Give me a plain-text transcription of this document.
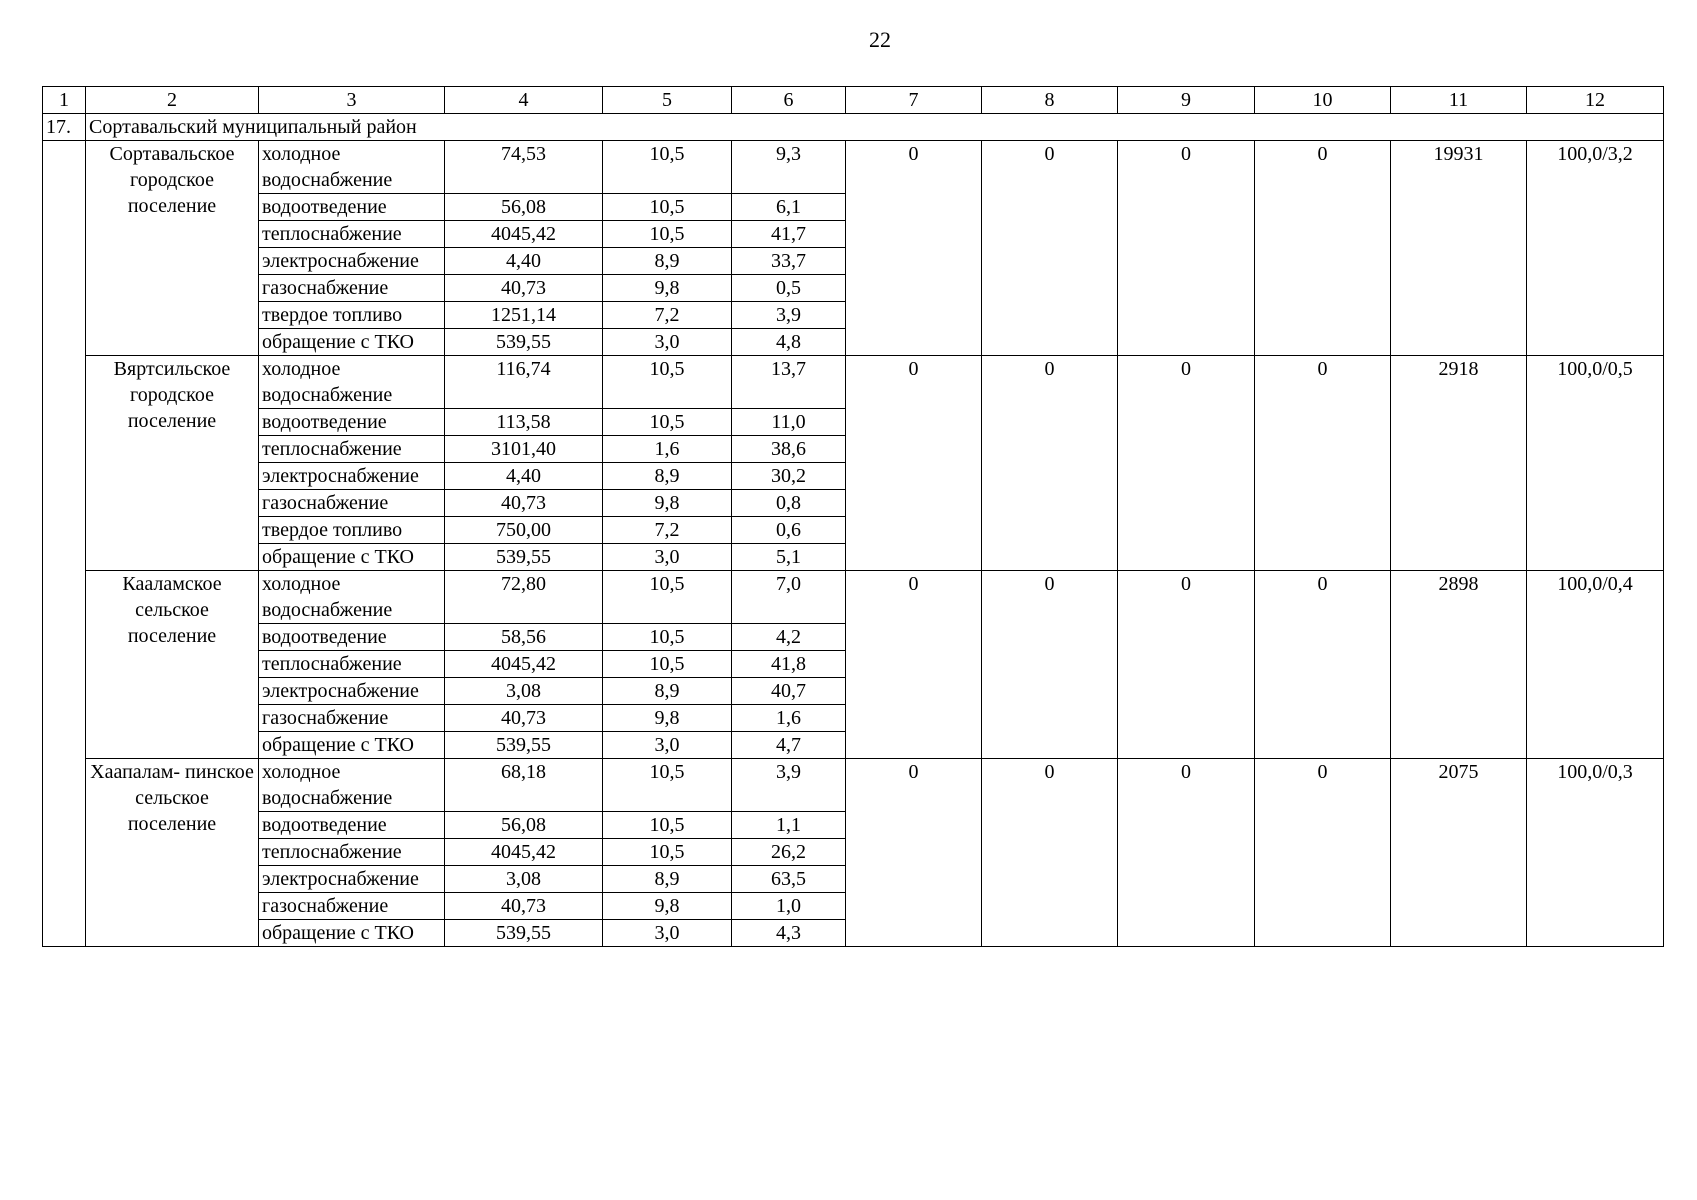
22
1	2	3	4	5	6	7	8	9	10	11	12
17.	Сортавальский муниципальный район										
	Сортавальское городское поселение	холодное водоснабжение	74,53	10,5	9,3	0	0	0	0	19931	100,0/3,2
		водоотведение	56,08	10,5	6,1						
		теплоснабжение	4045,42	10,5	41,7						
		электроснабжение	4,40	8,9	33,7						
		газоснабжение	40,73	9,8	0,5						
		твердое топливо	1251,14	7,2	3,9						
		обращение с ТКО	539,55	3,0	4,8						
	Вяртсильское городское поселение	холодное водоснабжение	116,74	10,5	13,7	0	0	0	0	2918	100,0/0,5
		водоотведение	113,58	10,5	11,0						
		теплоснабжение	3101,40	1,6	38,6						
		электроснабжение	4,40	8,9	30,2						
		газоснабжение	40,73	9,8	0,8						
		твердое топливо	750,00	7,2	0,6						
		обращение с ТКО	539,55	3,0	5,1						
	Кааламское сельское поселение	холодное водоснабжение	72,80	10,5	7,0	0	0	0	0	2898	100,0/0,4
		водоотведение	58,56	10,5	4,2						
		теплоснабжение	4045,42	10,5	41,8						
		электроснабжение	3,08	8,9	40,7						
		газоснабжение	40,73	9,8	1,6						
		обращение с ТКО	539,55	3,0	4,7						
	Хаапалам- пинское сельское поселение	холодное водоснабжение	68,18	10,5	3,9	0	0	0	0	2075	100,0/0,3
		водоотведение	56,08	10,5	1,1						
		теплоснабжение	4045,42	10,5	26,2						
		электроснабжение	3,08	8,9	63,5						
		газоснабжение	40,73	9,8	1,0						
		обращение с ТКО	539,55	3,0	4,3						
